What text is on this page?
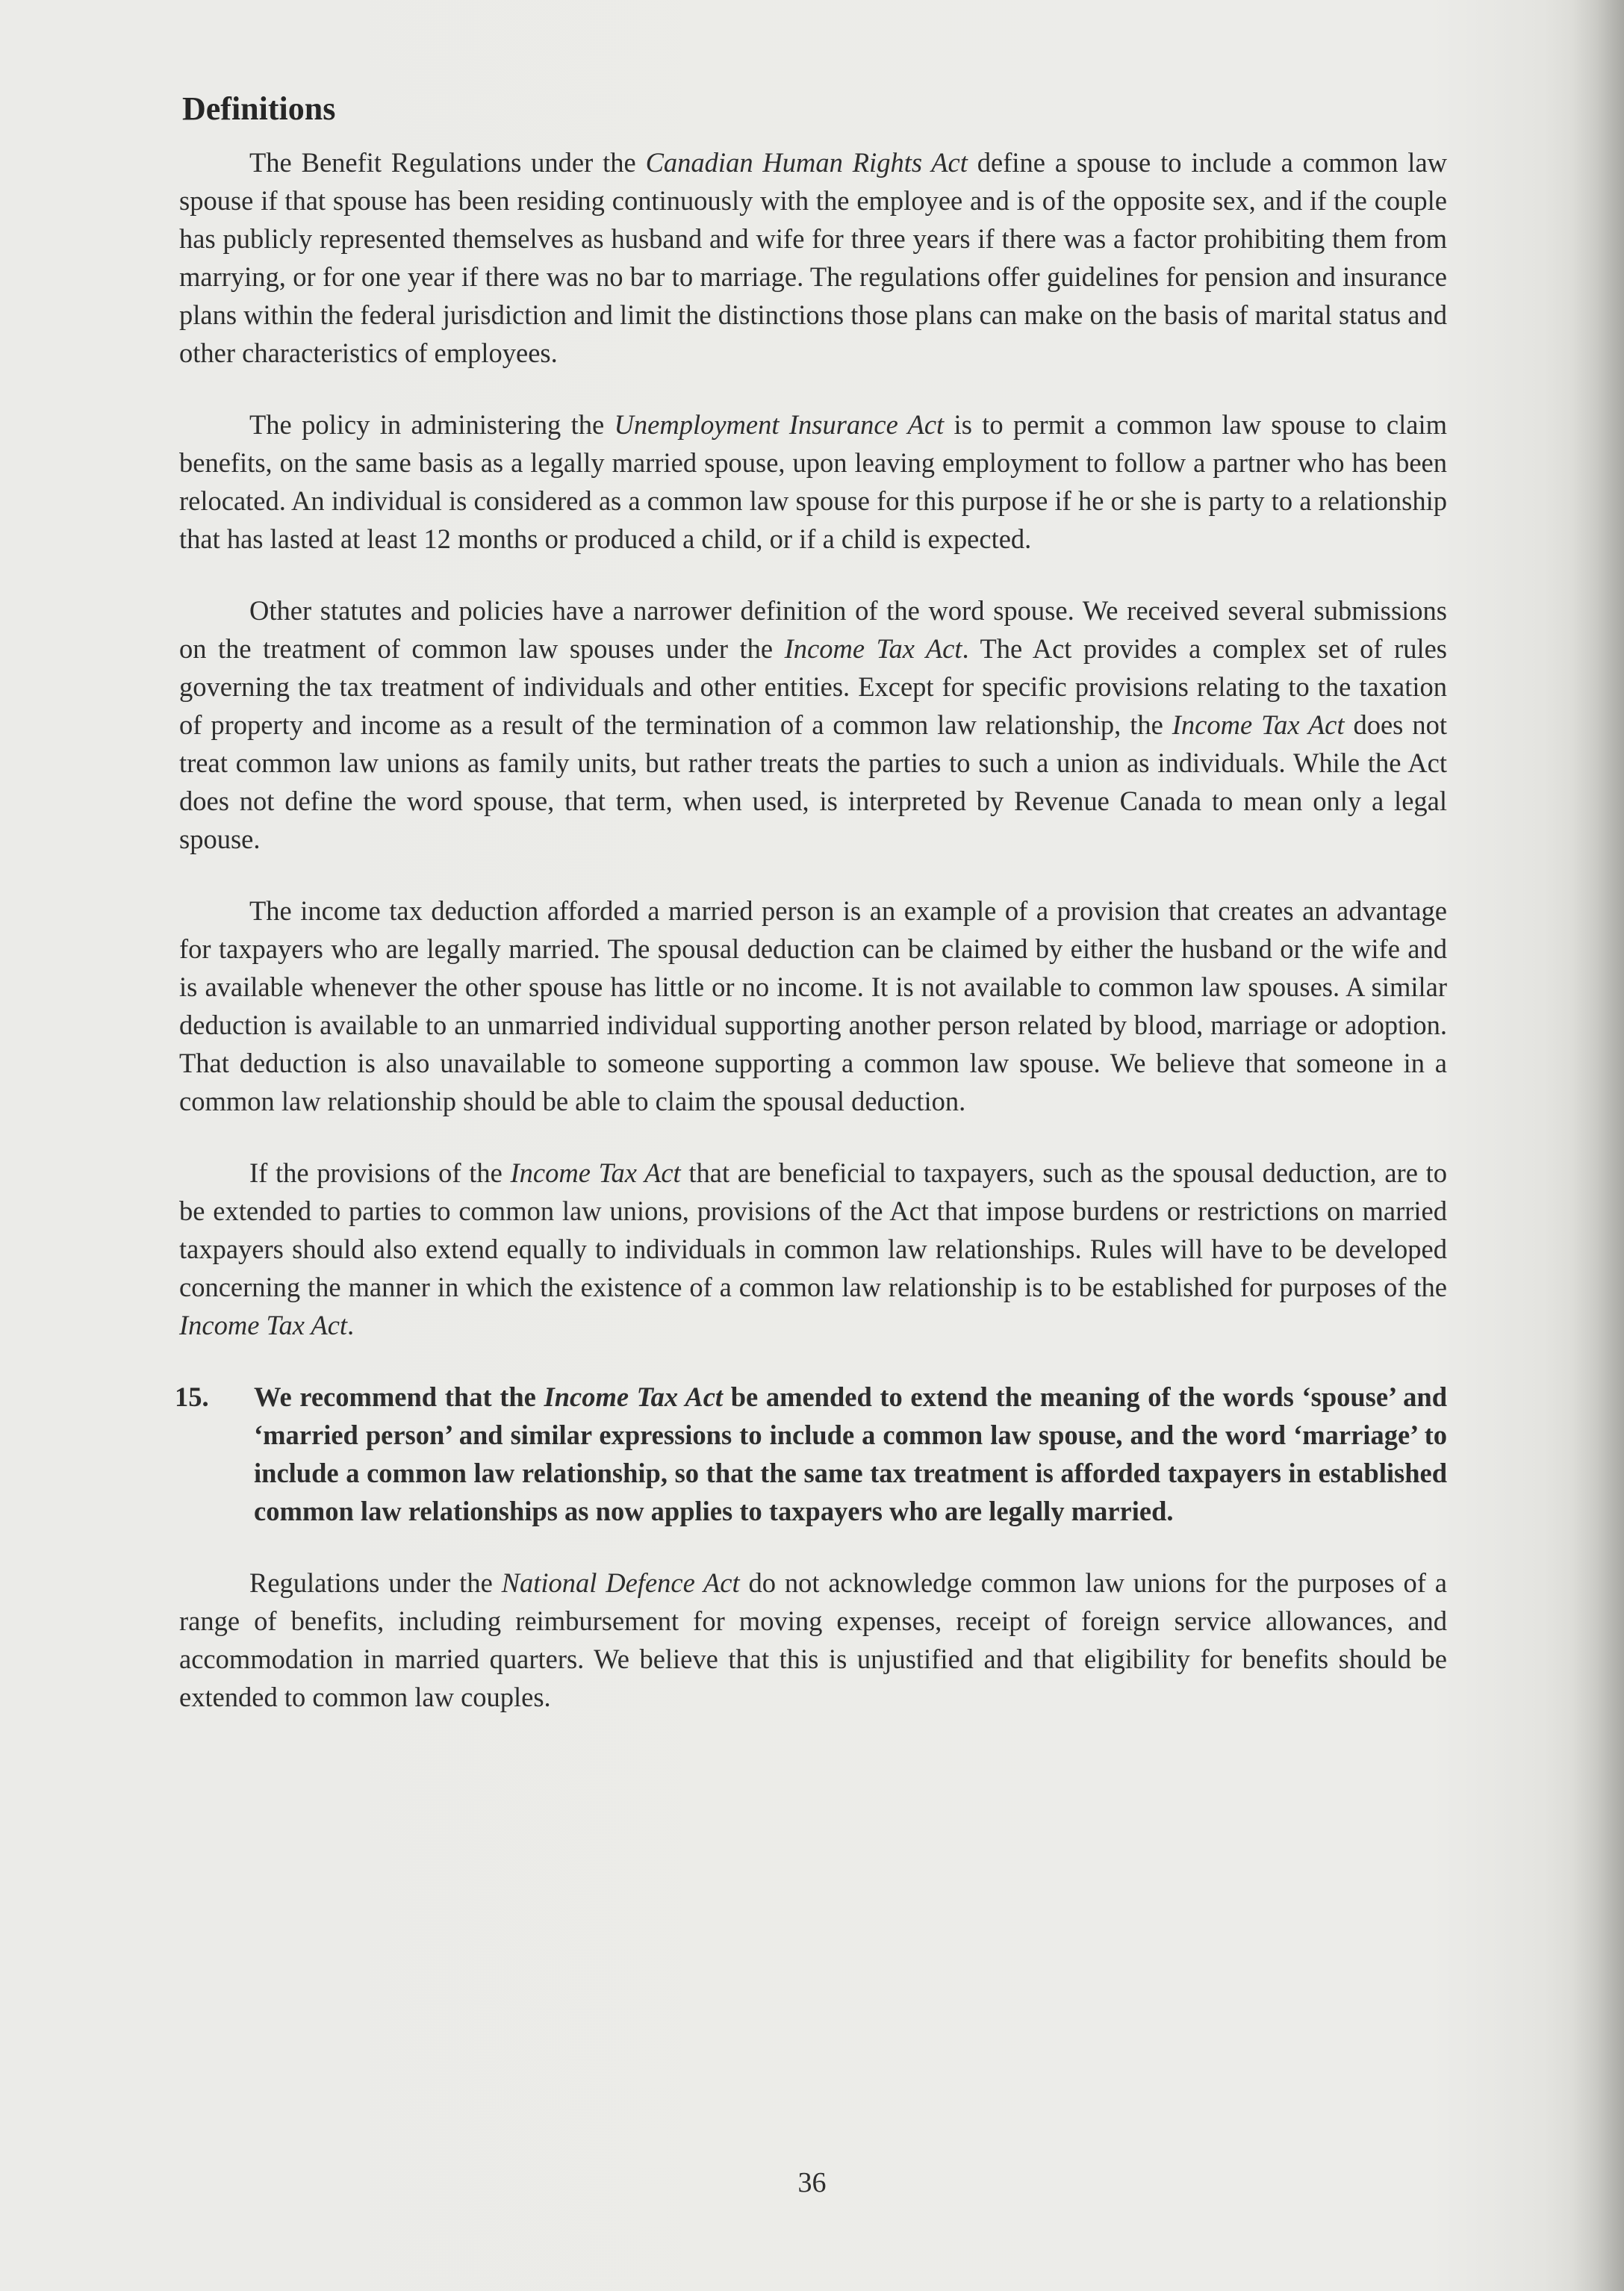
Definitions

The Benefit Regulations under the Canadian Human Rights Act define a spouse to include a common law spouse if that spouse has been residing continuously with the employee and is of the opposite sex, and if the couple has publicly represented themselves as husband and wife for three years if there was a factor prohibiting them from marrying, or for one year if there was no bar to marriage. The regulations offer guidelines for pension and insurance plans within the federal jurisdiction and limit the distinctions those plans can make on the basis of marital status and other characteristics of employees.

The policy in administering the Unemployment Insurance Act is to permit a common law spouse to claim benefits, on the same basis as a legally married spouse, upon leaving employment to follow a partner who has been relocated. An individual is considered as a common law spouse for this purpose if he or she is party to a relationship that has lasted at least 12 months or produced a child, or if a child is expected.

Other statutes and policies have a narrower definition of the word spouse. We received several submissions on the treatment of common law spouses under the Income Tax Act. The Act provides a complex set of rules governing the tax treatment of individuals and other entities. Except for specific provisions relating to the taxation of property and income as a result of the termination of a common law relationship, the Income Tax Act does not treat common law unions as family units, but rather treats the parties to such a union as individuals. While the Act does not define the word spouse, that term, when used, is interpreted by Revenue Canada to mean only a legal spouse.

The income tax deduction afforded a married person is an example of a provision that creates an advantage for taxpayers who are legally married. The spousal deduction can be claimed by either the husband or the wife and is available whenever the other spouse has little or no income. It is not available to common law spouses. A similar deduction is available to an unmarried individual supporting another person related by blood, marriage or adoption. That deduction is also unavailable to someone supporting a common law spouse. We believe that someone in a common law relationship should be able to claim the spousal deduction.

If the provisions of the Income Tax Act that are beneficial to taxpayers, such as the spousal deduction, are to be extended to parties to common law unions, provisions of the Act that impose burdens or restrictions on married taxpayers should also extend equally to individuals in common law relationships. Rules will have to be developed concerning the manner in which the existence of a common law relationship is to be established for purposes of the Income Tax Act.

15. We recommend that the Income Tax Act be amended to extend the meaning of the words ‘spouse’ and ‘married person’ and similar expressions to include a common law spouse, and the word ‘marriage’ to include a common law relationship, so that the same tax treatment is afforded taxpayers in established common law relationships as now applies to taxpayers who are legally married.

Regulations under the National Defence Act do not acknowledge common law unions for the purposes of a range of benefits, including reimbursement for moving expenses, receipt of foreign service allowances, and accommodation in married quarters. We believe that this is unjustified and that eligibility for benefits should be extended to common law couples.

36
